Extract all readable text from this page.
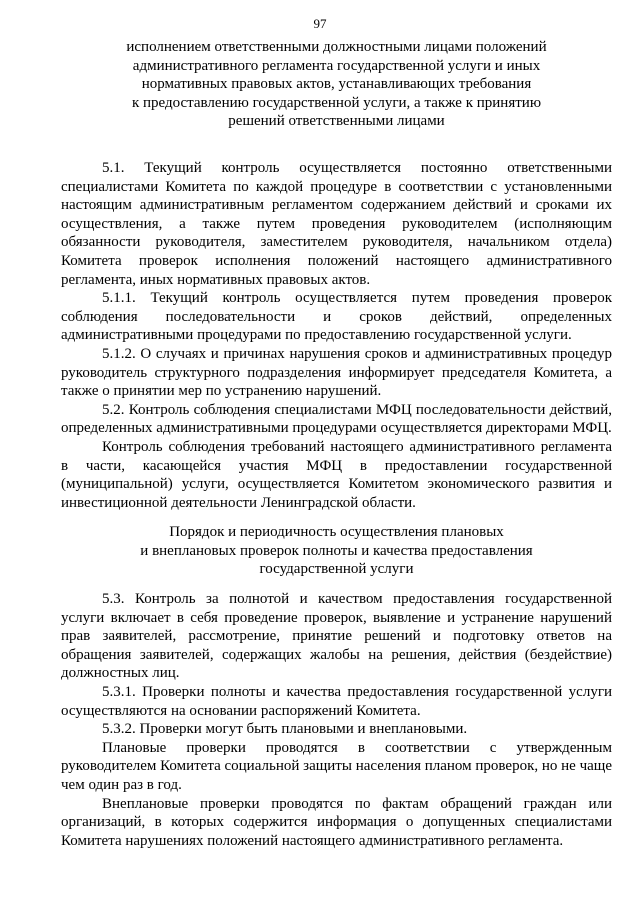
97
исполнением ответственными должностными лицами положений
административного регламента государственной услуги и иных
нормативных правовых актов, устанавливающих требования
к предоставлению государственной услуги, а также к принятию
решений ответственными лицами

5.1. Текущий контроль осуществляется постоянно ответственными специалистами Комитета по каждой процедуре в соответствии с установленными настоящим административным регламентом содержанием действий и сроками их осуществления, а также путем проведения руководителем (исполняющим обязанности руководителя, заместителем руководителя, начальником отдела) Комитета проверок исполнения положений настоящего административного регламента, иных нормативных правовых актов.

5.1.1. Текущий контроль осуществляется путем проведения проверок соблюдения последовательности и сроков действий, определенных административными процедурами по предоставлению государственной услуги.

5.1.2. О случаях и причинах нарушения сроков и административных процедур руководитель структурного подразделения информирует председателя Комитета, а также о принятии мер по устранению нарушений.

5.2. Контроль соблюдения специалистами МФЦ последовательности действий, определенных административными процедурами осуществляется директорами МФЦ.

Контроль соблюдения требований настоящего административного регламента в части, касающейся участия МФЦ в предоставлении государственной (муниципальной) услуги, осуществляется Комитетом экономического развития и инвестиционной деятельности Ленинградской области.

Порядок и периодичность осуществления плановых
и внеплановых проверок полноты и качества предоставления
государственной услуги

5.3. Контроль за полнотой и качеством предоставления государственной услуги включает в себя проведение проверок, выявление и устранение нарушений прав заявителей, рассмотрение, принятие решений и подготовку ответов на обращения заявителей, содержащих жалобы на решения, действия (бездействие) должностных лиц.

5.3.1. Проверки полноты и качества предоставления государственной услуги осуществляются на основании распоряжений Комитета.

5.3.2. Проверки могут быть плановыми и внеплановыми.

Плановые проверки проводятся в соответствии с утвержденным руководителем Комитета социальной защиты населения планом проверок, но не чаще чем один раз в год.

Внеплановые проверки проводятся по фактам обращений граждан или организаций, в которых содержится информация о допущенных специалистами Комитета нарушениях положений настоящего административного регламента.
